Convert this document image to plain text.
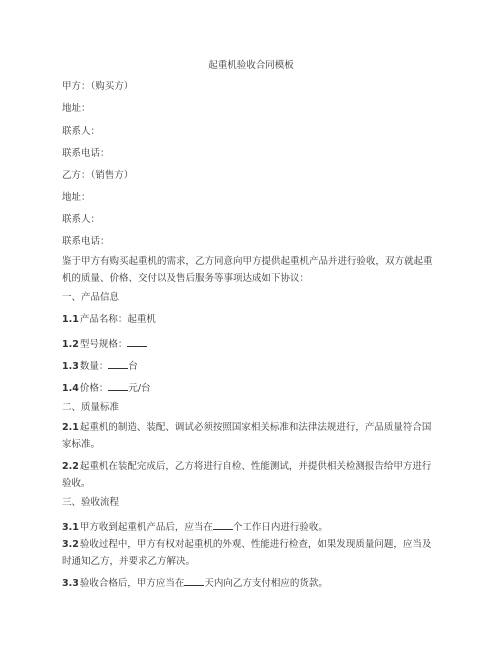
起重机验收合同模板
甲方：（购买方）
地址：
联系人：
联系电话：
乙方：（销售方）
地址：
联系人：
联系电话：
鉴于甲方有购买起重机的需求，乙方同意向甲方提供起重机产品并进行验收，双方就起重机的质量、价格、交付以及售后服务等事项达成如下协议：
一、产品信息
1.1产品名称：起重机
1.2型号规格：
1.3数量： 台
1.4价格： 元/台
二、质量标准
2.1起重机的制造、装配、调试必须按照国家相关标准和法律法规进行，产品质量符合国家标准。
2.2起重机在装配完成后，乙方将进行自检、性能测试，并提供相关检测报告给甲方进行验收。
三、验收流程
3.1甲方收到起重机产品后，应当在 个工作日内进行验收。
3.2验收过程中，甲方有权对起重机的外观、性能进行检查，如果发现质量问题，应当及时通知乙方，并要求乙方解决。
3.3验收合格后，甲方应当在 天内向乙方支付相应的货款。
